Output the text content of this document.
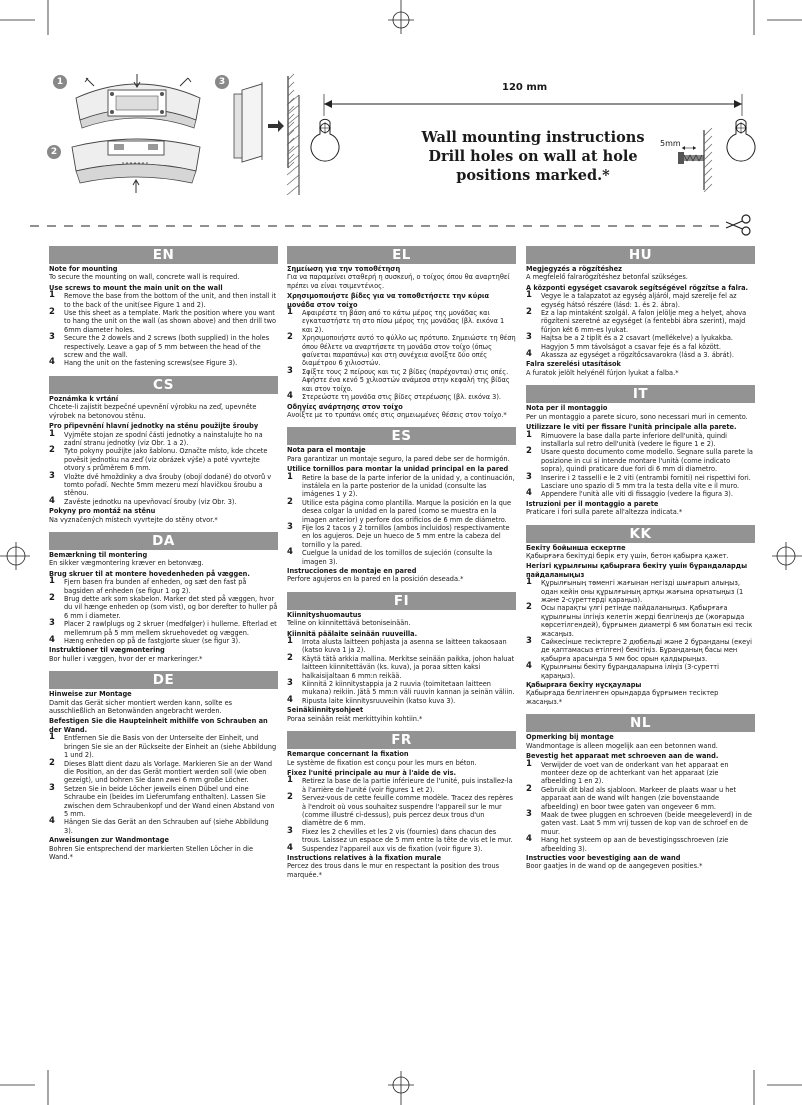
1
2
3	120 mm
Wall mounting instructions
Drill holes on wall at hole
positions marked.*
5mm
EN
Note for mounting
To secure the mounting on wall, concrete wall is required.
Use screws to mount the main unit on the wall
1 Remove the base from the bottom of the unit, and then install it to the back of the unit(see Figure 1 and 2).
2 Use this sheet as a template. Mark the position where you want to hang the unit on the wall (as shown above) and then drill two 6mm diameter holes.
3 Secure the 2 dowels and 2 screws (both supplied) in the holes respectively. Leave a gap of 5 mm between the head of the screw and the wall.
4 Hang the unit on the fastening screws(see Figure 3).
CS
Poznámka k vrtání
Chcete-li zajistit bezpečné upevnění výrobku na zeď, upevněte výrobek na betonovou stěnu.
Pro připevnění hlavní jednotky na stěnu použijte šrouby
1 Vyjměte stojan ze spodní části jednotky a nainstalujte ho na zadní stranu jednotky (viz Obr. 1 a 2).
2 Tyto pokyny použijte jako šablonu. Označte místo, kde chcete pověsit jednotku na zeď (viz obrázek výše) a poté vyvrtejte otvory s průměrem 6 mm.
3 Vložte dvě hmoždinky a dva šrouby (obojí dodané) do otvorů v tomto pořadí. Nechte 5mm mezeru mezi hlavičkou šroubu a stěnou.
4 Zavěste jednotku na upevňovací šrouby (viz Obr. 3).
Pokyny pro montáž na stěnu
Na vyznačených místech vyvrtejte do stěny otvor.*
DA
Bemærkning til montering
En sikker vægmontering kræver en betonvæg.
Brug skruer til at montere hovedenheden på væggen.
1 Fjern basen fra bunden af enheden, og sæt den fast på bagsiden af enheden (se figur 1 og 2).
2 Brug dette ark som skabelon. Marker det sted på væggen, hvor du vil hænge enheden op (som vist), og bor derefter to huller på 6 mm i diameter.
3 Placer 2 rawlplugs og 2 skruer (medfølger) i hullerne. Efterlad et mellemrum på 5 mm mellem skruehovedet og væggen.
4 Hæng enheden op på de fastgjorte skuer (se figur 3).
Instruktioner til vægmontering
Bor huller i væggen, hvor der er markeringer.*
DE
Hinweise zur Montage
Damit das Gerät sicher montiert werden kann, sollte es ausschließlich an Betonwänden angebracht werden.
Befestigen Sie die Haupteinheit mithilfe von Schrauben an der Wand.
1 Entfernen Sie die Basis von der Unterseite der Einheit, und bringen Sie sie an der Rückseite der Einheit an (siehe Abbildung 1 und 2).
2 Dieses Blatt dient dazu als Vorlage. Markieren Sie an der Wand die Position, an der das Gerät montiert werden soll (wie oben gezeigt), und bohren Sie dann zwei 6 mm große Löcher.
3 Setzen Sie in beide Löcher jeweils einen Dübel und eine Schraube ein (beides im Lieferumfang enthalten). Lassen Sie zwischen dem Schraubenkopf und der Wand einen Abstand von 5 mm.
4 Hängen Sie das Gerät an den Schrauben auf (siehe Abbildung 3).
Anweisungen zur Wandmontage
Bohren Sie entsprechend der markierten Stellen Löcher in die Wand.*
EL
Σημείωση για την τοποθέτηση
Για να παραμείνει σταθερή η συσκευή, ο τοίχος όπου θα αναρτηθεί πρέπει να είναι τσιμεντένιος.
Χρησιμοποιήστε βίδες για να τοποθετήσετε την κύρια μονάδα στον τοίχο
1 Αφαιρέστε τη βάση από το κάτω μέρος της μονάδας και εγκαταστήστε τη στο πίσω μέρος της μονάδας (βλ. εικόνα 1 και 2).
2 Χρησιμοποιήστε αυτό το φύλλο ως πρότυπο. Σημειώστε τη θέση όπου θέλετε να αναρτήσετε τη μονάδα στον τοίχο (όπως φαίνεται παραπάνω) και στη συνέχεια ανοίξτε δύο οπές διαμέτρου 6 χιλιοστών.
3 Σφίξτε τους 2 πείρους και τις 2 βίδες (παρέχονται) στις οπές. Αφήστε ένα κενό 5 χιλιοστών ανάμεσα στην κεφαλή της βίδας και στον τοίχο.
4 Στερεώστε τη μονάδα στις βίδες στερέωσης (βλ. εικόνα 3).
Οδηγίες ανάρτησης στον τοίχο
Ανοίξτε με το τρυπάνι οπές στις σημειωμένες θέσεις στον τοίχο.*
ES
Nota para el montaje
Para garantizar un montaje seguro, la pared debe ser de hormigón.
Utilice tornillos para montar la unidad principal en la pared
1 Retire la base de la parte inferior de la unidad y, a continuación, instálela en la parte posterior de la unidad (consulte las imágenes 1 y 2).
2 Utilice esta página como plantilla. Marque la posición en la que desea colgar la unidad en la pared (como se muestra en la imagen anterior) y perfore dos orificios de 6 mm de diámetro.
3 Fije los 2 tacos y 2 tornillos (ambos incluidos) respectivamente en los agujeros. Deje un hueco de 5 mm entre la cabeza del tornillo y la pared.
4 Cuelgue la unidad de los tornillos de sujeción (consulte la imagen 3).
Instrucciones de montaje en pared
Perfore agujeros en la pared en la posición deseada.*
FI
Kiinnityshuomautus
Teline on kiinnitettävä betoniseinään.
Kiinnitä päälaite seinään ruuveilla.
1 Irrota alusta laitteen pohjasta ja asenna se laitteen takaosaan (katso kuva 1 ja 2).
2 Käytä tätä arkkia mallina. Merkitse seinään paikka, johon haluat laitteen kiinnitettävän (ks. kuva), ja poraa sitten kaksi halkaisijaltaan 6 mm:n reikää.
3 Kiinnitä 2 kiinnitystappia ja 2 ruuvia (toimitetaan laitteen mukana) reikiin. Jätä 5 mm:n väli ruuvin kannan ja seinän väliin.
4 Ripusta laite kiinnitysruuveihin (katso kuva 3).
Seinäkiinnitysohjeet
Poraa seinään reiät merkittyihin kohtiin.*
FR
Remarque concernant la fixation
Le système de fixation est conçu pour les murs en béton.
Fixez l'unité principale au mur à l'aide de vis.
1 Retirez la base de la partie inférieure de l'unité, puis installez-la à l'arrière de l'unité (voir figures 1 et 2).
2 Servez-vous de cette feuille comme modèle. Tracez des repères à l'endroit où vous souhaitez suspendre l'appareil sur le mur (comme illustré ci-dessus), puis percez deux trous d'un diamètre de 6 mm.
3 Fixez les 2 chevilles et les 2 vis (fournies) dans chacun des trous. Laissez un espace de 5 mm entre la tête de vis et le mur.
4 Suspendez l'appareil aux vis de fixation (voir figure 3).
Instructions relatives à la fixation murale
Percez des trous dans le mur en respectant la position des trous marquée.*
HU
Megjegyzés a rögzítéshez
A megfelelő falrarögzítéshez betonfal szükséges.
A központi egységet csavarok segítségével rögzítse a falra.
1 Vegye le a talapzatot az egység aljáról, majd szerelje fel az egység hátsó részére (lásd: 1. és 2. ábra).
2 Ez a lap mintaként szolgál. A falon jelölje meg a helyet, ahova rögzíteni szeretné az egységet (a fentebbi ábra szerint), majd fúrjon két 6 mm-es lyukat.
3 Hajtsa be a 2 tiplit és a 2 csavart (mellékelve) a lyukakba. Hagyjon 5 mm távolságot a csavar feje és a fal között.
4 Akassza az egységet a rögzítőcsavarokra (lásd a 3. ábrát).
Falra szerelési utasítások
A furatok jelölt helyénél fúrjon lyukat a falba.*
IT
Nota per il montaggio
Per un montaggio a parete sicuro, sono necessari muri in cemento.
Utilizzare le viti per fissare l'unità principale alla parete.
1 Rimuovere la base dalla parte inferiore dell'unità, quindi installarla sul retro dell'unità (vedere le figure 1 e 2).
2 Usare questo documento come modello. Segnare sulla parete la posizione in cui si intende montare l'unità (come indicato sopra), quindi praticare due fori di 6 mm di diametro.
3 Inserire i 2 tasselli e le 2 viti (entrambi forniti) nei rispettivi fori. Lasciare uno spazio di 5 mm tra la testa della vite e il muro.
4 Appendere l'unità alle viti di fissaggio (vedere la figura 3).
Istruzioni per il montaggio a parete
Praticare i fori sulla parete all'altezza indicata.*
KK
Бекіту бойынша ескертпе
Қабырғаға бекітуді берік ету үшін, бетон қабырға қажет.
Негізгі құрылғыны қабырғаға бекіту үшін бұрандаларды пайдаланыңыз
1 Құрылғының төменгі жағынан негізді шығарып алыңыз, одан кейін оны құрылғының артқы жағына орнатыңыз (1 және 2-суреттерді қараңыз).
2 Осы парақты үлгі ретінде пайдаланыңыз. Қабырғаға құрылғыны ілгіңіз келетін жерді белгілеңіз де (жоғарыда көрсетілгендей), бұрғымен диаметрі 6 мм болатын екі тесік жасаңыз.
3 Сәйкесінше тесіктерге 2 дюбельді және 2 бұранданы (екеуі де қаптамасыз етілген) бекітіңіз. Бұранданың басы мен қабырға арасында 5 мм бос орын қалдырыңыз.
4 Құрылғыны бекіту бұрандаларына іліңіз (3-суретті қараңыз).
Қабырғаға бекіту нұсқаулары
Қабырғада белгіленген орындарда бұрғымен тесіктер жасаңыз.*
NL
Opmerking bij montage
Wandmontage is alleen mogelijk aan een betonnen wand.
Bevestig het apparaat met schroeven aan de wand.
1 Verwijder de voet van de onderkant van het apparaat en monteer deze op de achterkant van het apparaat (zie afbeelding 1 en 2).
2 Gebruik dit blad als sjabloon. Markeer de plaats waar u het apparaat aan de wand wilt hangen (zie bovenstaande afbeelding) en boor twee gaten van ongeveer 6 mm.
3 Maak de twee pluggen en schroeven (beide meegeleverd) in de gaten vast. Laat 5 mm vrij tussen de kop van de schroef en de muur.
4 Hang het systeem op aan de bevestigingsschroeven (zie afbeelding 3).
Instructies voor bevestiging aan de wand
Boor gaatjes in de wand op de aangegeven posities.*
